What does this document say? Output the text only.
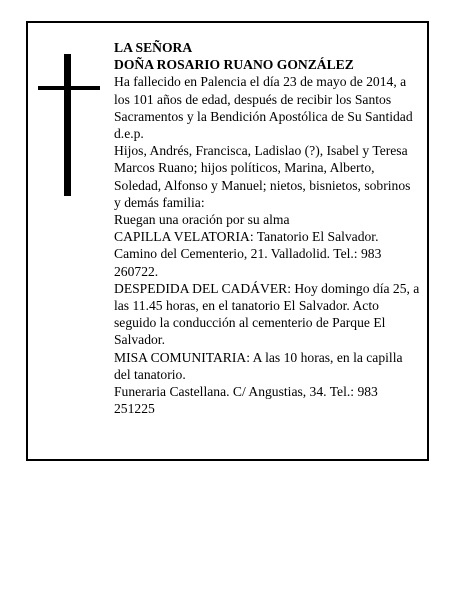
LA SEÑORA

DOÑA ROSARIO RUANO GONZÁLEZ

Ha fallecido en Palencia el día 23 de mayo de 2014, a los 101 años de edad, después de recibir los Santos Sacramentos y la Bendición Apostólica de Su Santidad d.e.p.

Hijos, Andrés, Francisca, Ladislao (?), Isabel y Teresa Marcos Ruano; hijos políticos, Marina, Alberto, Soledad, Alfonso y Manuel; nietos, bisnietos, sobrinos y demás familia:

Ruegan una oración por su alma

CAPILLA VELATORIA: Tanatorio El Salvador. Camino del Cementerio, 21. Valladolid. Tel.: 983 260722.

DESPEDIDA DEL CADÁVER: Hoy domingo día 25, a las 11.45 horas, en el tanatorio El Salvador. Acto seguido la conducción al cementerio de Parque El Salvador.

MISA COMUNITARIA: A las 10 horas, en la capilla del tanatorio.

Funeraria Castellana. C/ Angustias, 34. Tel.: 983 251225
